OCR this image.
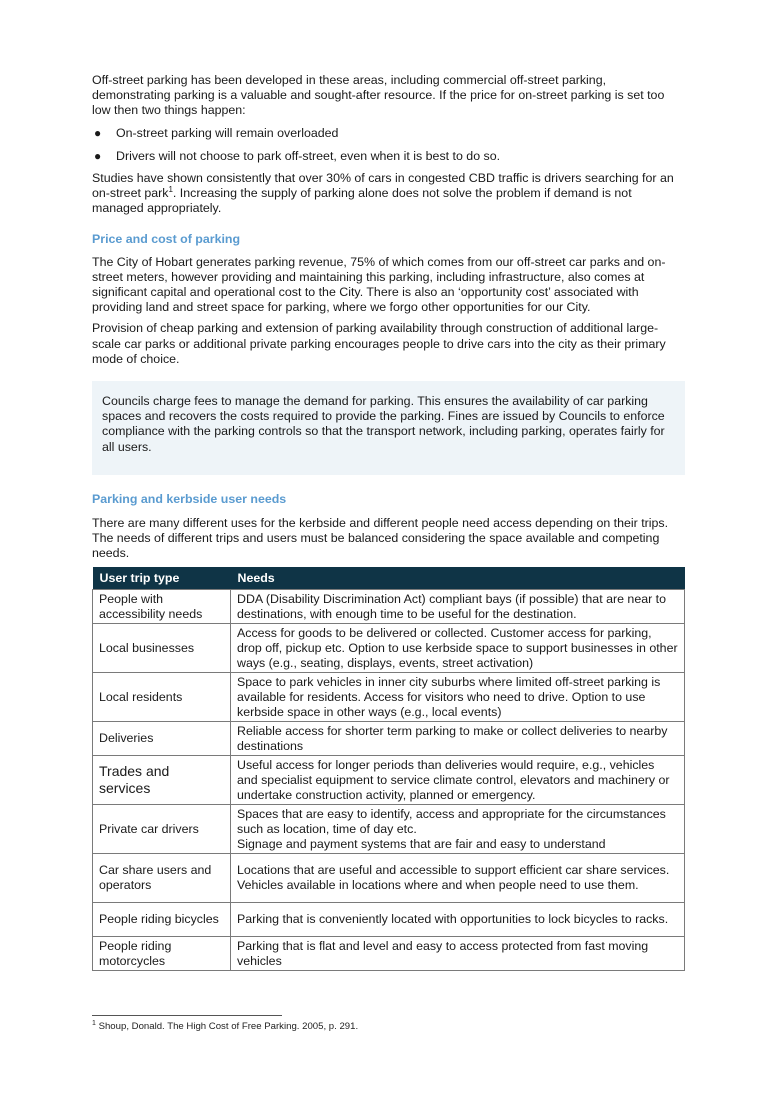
Off-street parking has been developed in these areas, including commercial off-street parking, demonstrating parking is a valuable and sought-after resource. If the price for on-street parking is set too low then two things happen:

● On-street parking will remain overloaded
● Drivers will not choose to park off-street, even when it is best to do so.

Studies have shown consistently that over 30% of cars in congested CBD traffic is drivers searching for an on-street park$^1$. Increasing the supply of parking alone does not solve the problem if demand is not managed appropriately.

Price and cost of parking

The City of Hobart generates parking revenue, 75% of which comes from our off-street car parks and on-street meters, however providing and maintaining this parking, including infrastructure, also comes at significant capital and operational cost to the City. There is also an ‘opportunity cost’ associated with providing land and street space for parking, where we forgo other opportunities for our City.

Provision of cheap parking and extension of parking availability through construction of additional large-scale car parks or additional private parking encourages people to drive cars into the city as their primary mode of choice.

Councils charge fees to manage the demand for parking. This ensures the availability of car parking spaces and recovers the costs required to provide the parking. Fines are issued by Councils to enforce compliance with the parking controls so that the transport network, including parking, operates fairly for all users.

Parking and kerbside user needs

There are many different uses for the kerbside and different people need access depending on their trips. The needs of different trips and users must be balanced considering the space available and competing needs.

User trip type	Needs
People with accessibility needs	DDA (Disability Discrimination Act) compliant bays (if possible) that are near to destinations, with enough time to be useful for the destination.
Local businesses	Access for goods to be delivered or collected. Customer access for parking, drop off, pickup etc. Option to use kerbside space to support businesses in other ways (e.g., seating, displays, events, street activation)
Local residents	Space to park vehicles in inner city suburbs where limited off-street parking is available for residents. Access for visitors who need to drive. Option to use kerbside space in other ways (e.g., local events)
Deliveries	Reliable access for shorter term parking to make or collect deliveries to nearby destinations
Trades and services	Useful access for longer periods than deliveries would require, e.g., vehicles and specialist equipment to service climate control, elevators and machinery or undertake construction activity, planned or emergency.
Private car drivers	Spaces that are easy to identify, access and appropriate for the circumstances such as location, time of day etc.
Signage and payment systems that are fair and easy to understand

Car share users and operators	Locations that are useful and accessible to support efficient car share services. Vehicles available in locations where and when people need to use them.
People riding bicycles	Parking that is conveniently located with opportunities to lock bicycles to racks.
People riding motorcycles	Parking that is flat and level and easy to access protected from fast moving vehicles
$^1$ Shoup, Donald. The High Cost of Free Parking. 2005, p. 291.
